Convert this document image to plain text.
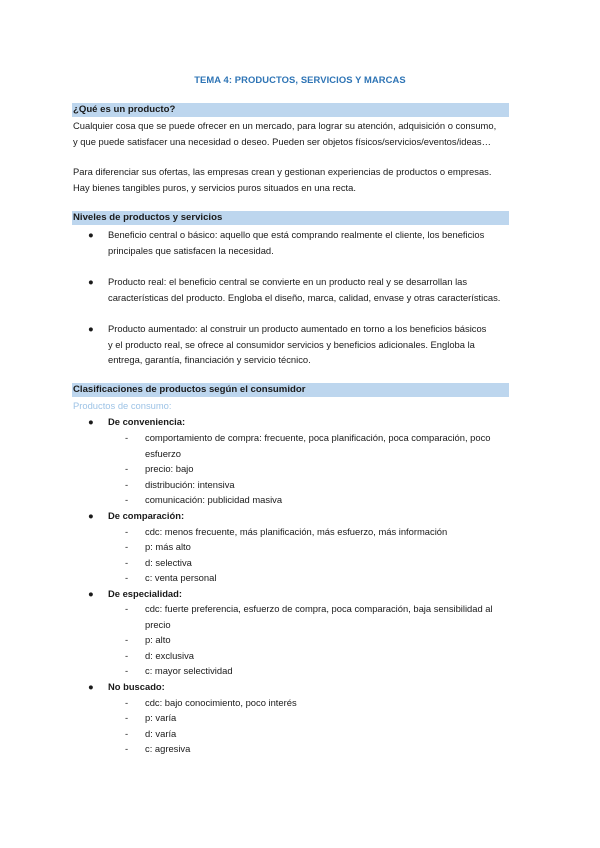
TEMA 4: PRODUCTOS, SERVICIOS Y MARCAS
¿Qué es un producto?

Cualquier cosa que se puede ofrecer en un mercado, para lograr su atención, adquisición o consumo,

y que puede satisfacer una necesidad o deseo. Pueden ser objetos físicos/servicios/eventos/ideas…

Para diferenciar sus ofertas, las empresas crean y gestionan experiencias de productos o empresas.

Hay bienes tangibles puros, y servicios puros situados en una recta.

Niveles de productos y servicios
● Beneficio central o básico: aquello que está comprando realmente el cliente, los beneficios
principales que satisfacen la necesidad.
● Producto real: el beneficio central se convierte en un producto real y se desarrollan las
características del producto. Engloba el diseño, marca, calidad, envase y otras características.
● Producto aumentado: al construir un producto aumentado en torno a los beneficios básicos
y el producto real, se ofrece al consumidor servicios y beneficios adicionales. Engloba la
entrega, garantía, financiación y servicio técnico.
Clasificaciones de productos según el consumidor
Productos de consumo:
● De conveniencia:
- comportamiento de compra: frecuente, poca planificación, poca comparación, poco
esfuerzo
- precio: bajo
- distribución: intensiva
- comunicación: publicidad masiva
● De comparación:
- cdc: menos frecuente, más planificación, más esfuerzo, más información
- p: más alto
- d: selectiva
- c: venta personal
● De especialidad:
- cdc: fuerte preferencia, esfuerzo de compra, poca comparación, baja sensibilidad al
precio
- p: alto
- d: exclusiva
- c: mayor selectividad
● No buscado:
- cdc: bajo conocimiento, poco interés
- p: varía
- d: varía
- c: agresiva
